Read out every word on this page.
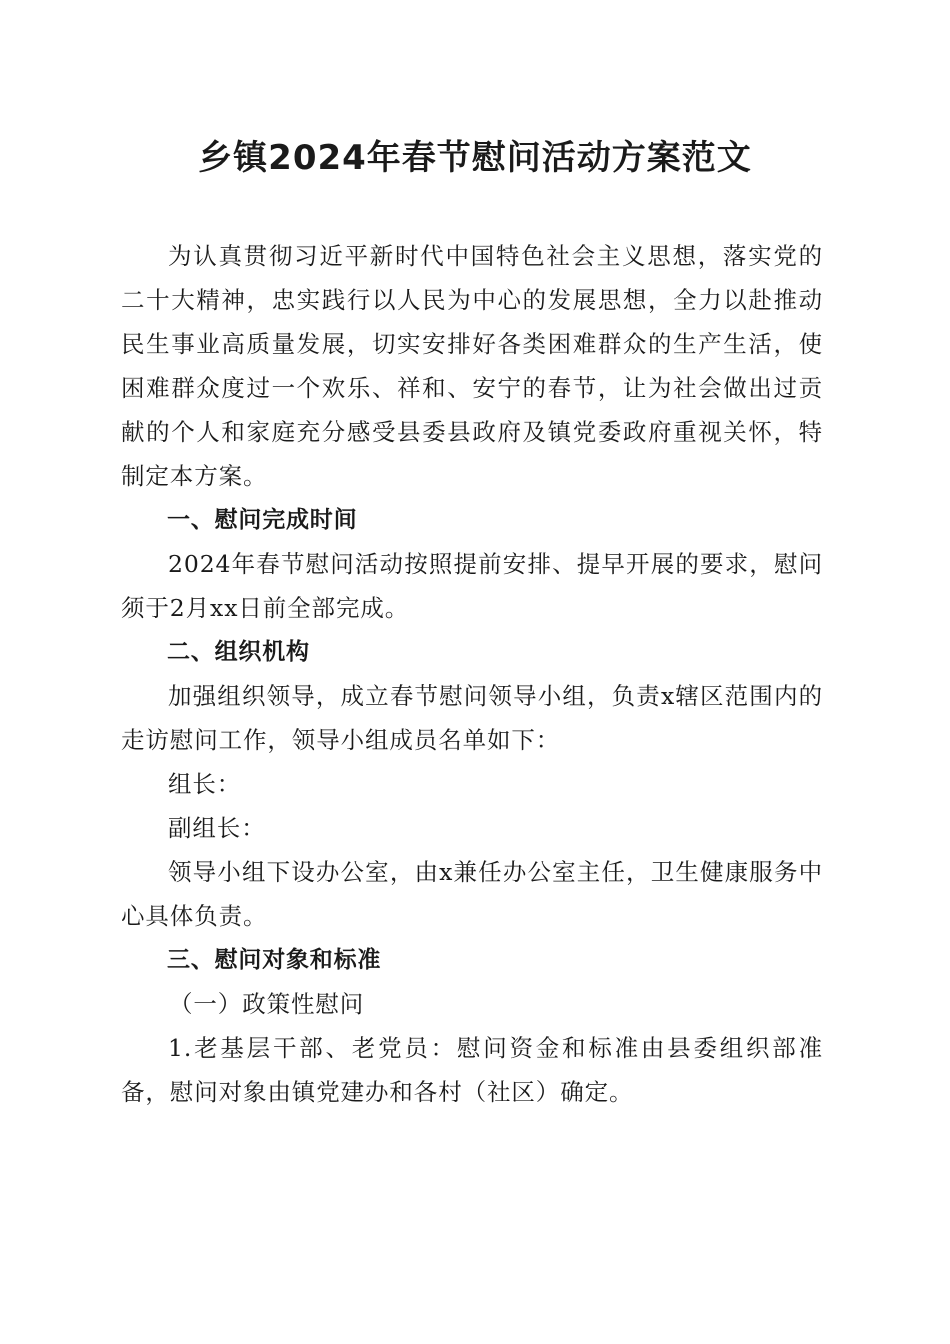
乡镇2024年春节慰问活动方案范文

为认真贯彻习近平新时代中国特色社会主义思想，落实党的二十大精神，忠实践行以人民为中心的发展思想，全力以赴推动民生事业高质量发展，切实安排好各类困难群众的生产生活，使困难群众度过一个欢乐、祥和、安宁的春节，让为社会做出过贡献的个人和家庭充分感受县委县政府及镇党委政府重视关怀，特制定本方案。

一、慰问完成时间

2024年春节慰问活动按照提前安排、提早开展的要求，慰问须于2月xx日前全部完成。

二、组织机构

加强组织领导，成立春节慰问领导小组，负责x辖区范围内的走访慰问工作，领导小组成员名单如下：

组长：

副组长：

领导小组下设办公室，由x兼任办公室主任，卫生健康服务中心具体负责。

三、慰问对象和标准

（一）政策性慰问

1.老基层干部、老党员：慰问资金和标准由县委组织部准备，慰问对象由镇党建办和各村（社区）确定。
